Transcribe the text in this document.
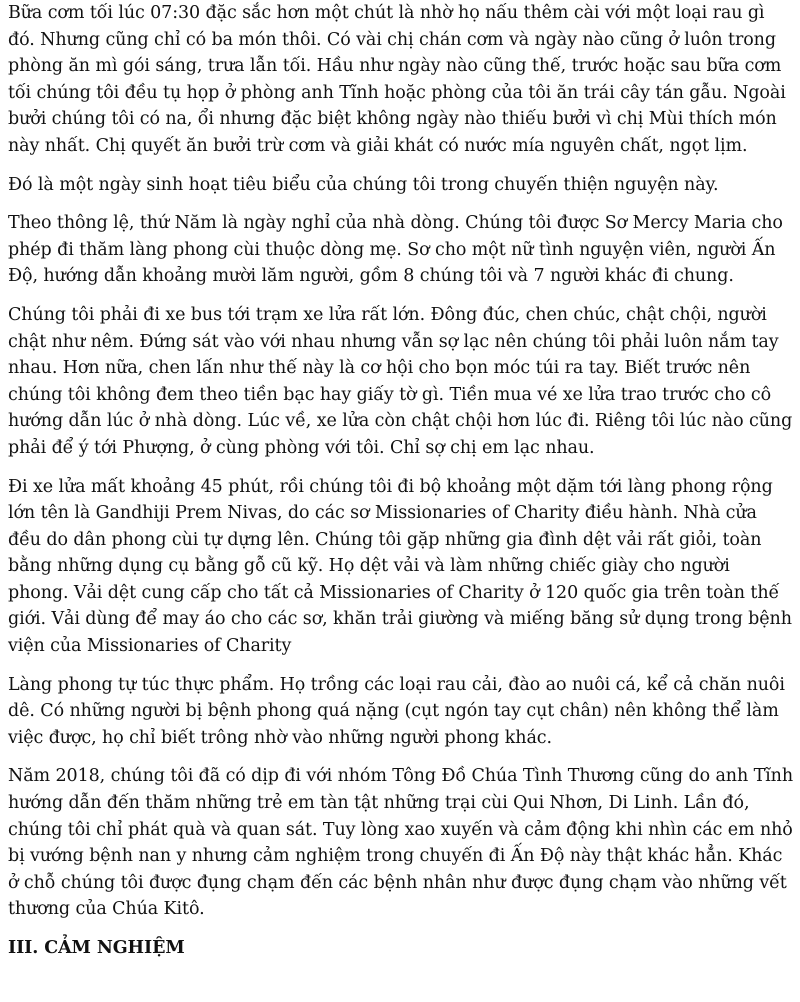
Bữa cơm tối lúc 07:30 đặc sắc hơn một chút là nhờ họ nấu thêm cài với một loại rau gì đó. Nhưng cũng chỉ có ba món thôi. Có vài chị chán cơm và ngày nào cũng ở luôn trong phòng ăn mì gói sáng, trưa lẫn tối. Hầu như ngày nào cũng thế, trước hoặc sau bữa cơm tối chúng tôi đều tụ họp ở phòng anh Tĩnh hoặc phòng của tôi ăn trái cây tán gẫu. Ngoài bưởi chúng tôi có na, ổi nhưng đặc biệt không ngày nào thiếu bưởi vì chị Mùi thích món này nhất. Chị quyết ăn bưởi trừ cơm và giải khát có nước mía nguyên chất, ngọt lịm.

Đó là một ngày sinh hoạt tiêu biểu của chúng tôi trong chuyến thiện nguyện này.

Theo thông lệ, thứ Năm là ngày nghỉ của nhà dòng. Chúng tôi được Sơ Mercy Maria cho phép đi thăm làng phong cùi thuộc dòng mẹ. Sơ cho một nữ tình nguyện viên, người Ấn Độ, hướng dẫn khoảng mười lăm người, gồm 8 chúng tôi và 7 người khác đi chung.

Chúng tôi phải đi xe bus tới trạm xe lửa rất lớn. Đông đúc, chen chúc, chật chội, người chật như nêm. Đứng sát vào với nhau nhưng vẫn sợ lạc nên chúng tôi phải luôn nắm tay nhau. Hơn nữa, chen lấn như thế này là cơ hội cho bọn móc túi ra tay. Biết trước nên chúng tôi không đem theo tiền bạc hay giấy tờ gì. Tiền mua vé xe lửa trao trước cho cô hướng dẫn lúc ở nhà dòng. Lúc về, xe lửa còn chật chội hơn lúc đi. Riêng tôi lúc nào cũng phải để ý tới Phượng, ở cùng phòng với tôi. Chỉ sợ chị em lạc nhau.

Đi xe lửa mất khoảng 45 phút, rồi chúng tôi đi bộ khoảng một dặm tới làng phong rộng lớn tên là Gandhiji Prem Nivas, do các sơ Missionaries of Charity điều hành. Nhà cửa đều do dân phong cùi tự dựng lên. Chúng tôi gặp những gia đình dệt vải rất giỏi, toàn bằng những dụng cụ bằng gỗ cũ kỹ. Họ dệt vải và làm những chiếc giày cho người phong. Vải dệt cung cấp cho tất cả Missionaries of Charity ở 120 quốc gia trên toàn thế giới. Vải dùng để may áo cho các sơ, khăn trải giường và miếng băng sử dụng trong bệnh viện của Missionaries of Charity

Làng phong tự túc thực phẩm. Họ trồng các loại rau cải, đào ao nuôi cá, kể cả chăn nuôi dê. Có những người bị bệnh phong quá nặng (cụt ngón tay cụt chân) nên không thể làm việc được, họ chỉ biết trông nhờ vào những người phong khác.

Năm 2018, chúng tôi đã có dịp đi với nhóm Tông Đồ Chúa Tình Thương cũng do anh Tĩnh hướng dẫn đến thăm những trẻ em tàn tật những trại cùi Qui Nhơn, Di Linh. Lần đó, chúng tôi chỉ phát quà và quan sát. Tuy lòng xao xuyến và cảm động khi nhìn các em nhỏ bị vướng bệnh nan y nhưng cảm nghiệm trong chuyến đi Ấn Độ này thật khác hẳn. Khác ở chỗ chúng tôi được đụng chạm đến các bệnh nhân như được đụng chạm vào những vết thương của Chúa Kitô.

III. CẢM NGHIỆM
